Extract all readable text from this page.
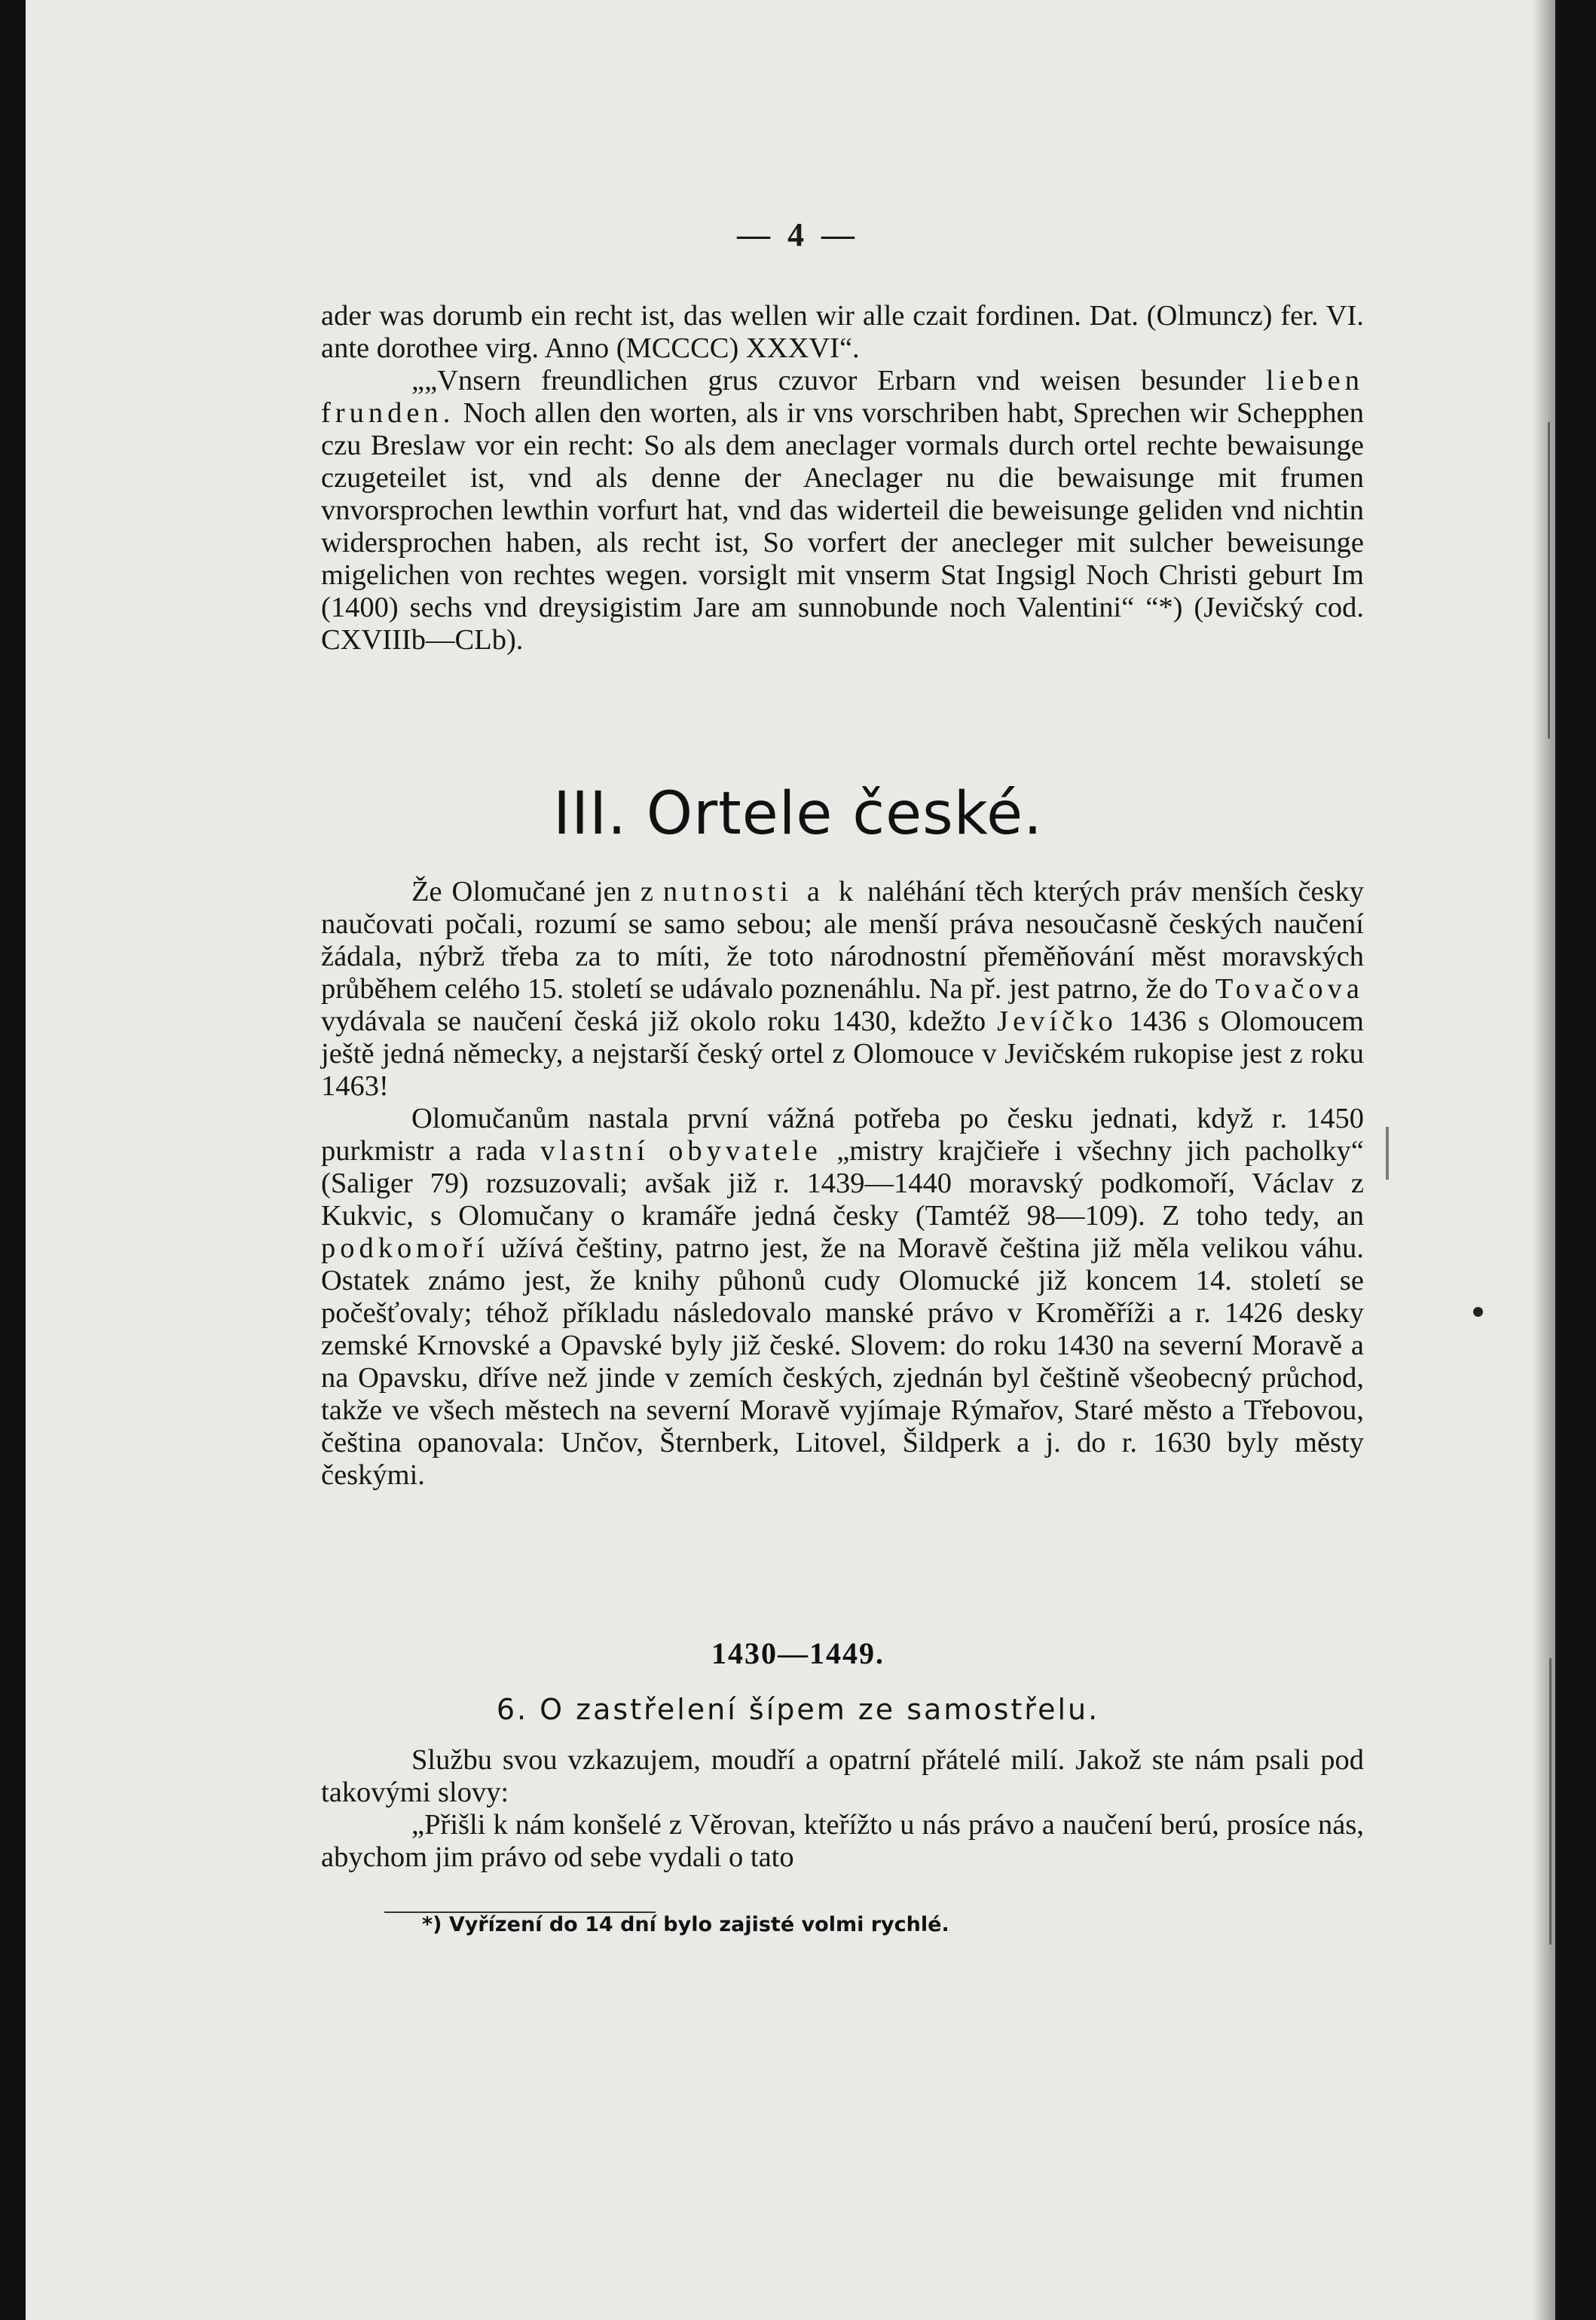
— 4 —

ader was dorumb ein recht ist, das wellen wir alle czait fordinen. Dat. (Olmuncz) fer. VI. ante dorothee virg. Anno (MCCCC) XXXVI“.

„„Vnsern freundlichen grus czuvor Erbarn vnd weisen besunder lieben frunden. Noch allen den worten, als ir vns vorschriben habt, Sprechen wir Schepphen czu Breslaw vor ein recht: So als dem aneclager vormals durch ortel rechte bewaisunge czugeteilet ist, vnd als denne der Aneclager nu die bewaisunge mit frumen vnvorsprochen lewthin vorfurt hat, vnd das widerteil die beweisunge geliden vnd nichtin widersprochen haben, als recht ist, So vorfert der anecleger mit sulcher beweisunge migelichen von rechtes wegen. vorsiglt mit vnserm Stat Ingsigl Noch Christi geburt Im (1400) sechs vnd dreysigistim Jare am sunnobunde noch Valentini“ “*) (Jevičský cod. CXVIIIb—CLb).

III. Ortele české.

Že Olomučané jen z nutnosti a k naléhání těch kterých práv menších česky naučovati počali, rozumí se samo sebou; ale menší práva nesoučasně českých naučení žádala, nýbrž třeba za to míti, že toto národnostní přeměňování měst moravských průběhem celého 15. století se udávalo poznenáhlu. Na př. jest patrno, že do Tovačova vydávala se naučení česká již okolo roku 1430, kdežto Jevíčko 1436 s Olomoucem ještě jedná německy, a nejstarší český ortel z Olomouce v Jevičském rukopise jest z roku 1463!

Olomučanům nastala první vážná potřeba po česku jednati, když r. 1450 purkmistr a rada vlastní obyvatele „mistry krajčieře i všechny jich pacholky“ (Saliger 79) rozsuzovali; avšak již r. 1439—1440 moravský podkomoří, Václav z Kukvic, s Olomučany o kramáře jedná česky (Tamtéž 98—109). Z toho tedy, an podkomoří užívá češtiny, patrno jest, že na Moravě čeština již měla velikou váhu. Ostatek známo jest, že knihy půhonů cudy Olomucké již koncem 14. století se počešťovaly; téhož příkladu následovalo manské právo v Kroměříži a r. 1426 desky zemské Krnovské a Opavské byly již české. Slovem: do roku 1430 na severní Moravě a na Opavsku, dříve než jinde v zemích českých, zjednán byl češtině všeobecný průchod, takže ve všech městech na severní Moravě vyjímaje Rýmařov, Staré město a Třebovou, čeština opanovala: Unčov, Šternberk, Litovel, Šildperk a j. do r. 1630 byly městy českými.

1430—1449.
6. O zastřelení šípem ze samostřelu.

Službu svou vzkazujem, moudří a opatrní přátelé milí. Jakož ste nám psali pod takovými slovy:

„Přišli k nám konšelé z Věrovan, kteřížto u nás právo a naučení berú, prosíce nás, abychom jim právo od sebe vydali o tato

*) Vyřízení do 14 dní bylo zajisté volmi rychlé.
